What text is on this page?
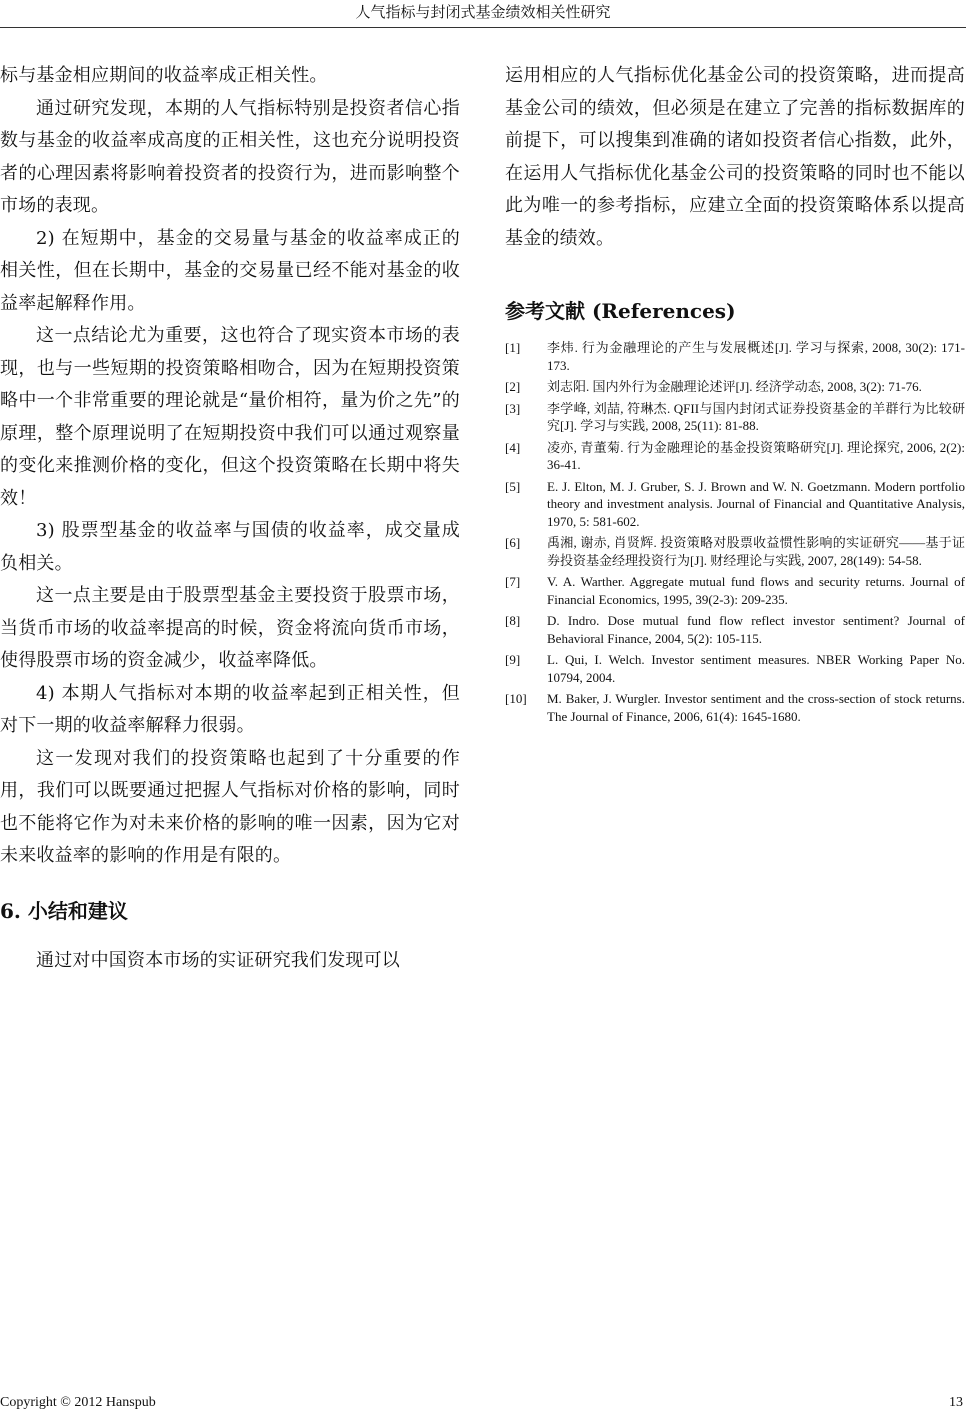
人气指标与封闭式基金绩效相关性研究

标与基金相应期间的收益率成正相关性。

通过研究发现，本期的人气指标特别是投资者信心指数与基金的收益率成高度的正相关性，这也充分说明投资者的心理因素将影响着投资者的投资行为，进而影响整个市场的表现。

2) 在短期中，基金的交易量与基金的收益率成正的相关性，但在长期中，基金的交易量已经不能对基金的收益率起解释作用。

这一点结论尤为重要，这也符合了现实资本市场的表现，也与一些短期的投资策略相吻合，因为在短期投资策略中一个非常重要的理论就是“量价相符，量为价之先”的原理，整个原理说明了在短期投资中我们可以通过观察量的变化来推测价格的变化，但这个投资策略在长期中将失效！

3) 股票型基金的收益率与国债的收益率，成交量成负相关。

这一点主要是由于股票型基金主要投资于股票市场，当货币市场的收益率提高的时候，资金将流向货币市场，使得股票市场的资金减少，收益率降低。

4) 本期人气指标对本期的收益率起到正相关性，但对下一期的收益率解释力很弱。

这一发现对我们的投资策略也起到了十分重要的作用，我们可以既要通过把握人气指标对价格的影响，同时也不能将它作为对未来价格的影响的唯一因素，因为它对未来收益率的影响的作用是有限的。

6. 小结和建议

通过对中国资本市场的实证研究我们发现可以

运用相应的人气指标优化基金公司的投资策略，进而提高基金公司的绩效，但必须是在建立了完善的指标数据库的前提下，可以搜集到准确的诸如投资者信心指数，此外，在运用人气指标优化基金公司的投资策略的同时也不能以此为唯一的参考指标，应建立全面的投资策略体系以提高基金的绩效。

参考文献 (References)
[1] 李炜. 行为金融理论的产生与发展概述[J]. 学习与探索, 2008, 30(2): 171-173.
[2] 刘志阳. 国内外行为金融理论述评[J]. 经济学动态, 2008, 3(2): 71-76.
[3] 李学峰, 刘喆, 符琳杰. QFII与国内封闭式证券投资基金的羊群行为比较研究[J]. 学习与实践, 2008, 25(11): 81-88.
[4] 凌亦, 青董菊. 行为金融理论的基金投资策略研究[J]. 理论探究, 2006, 2(2): 36-41.
[5] E. J. Elton, M. J. Gruber, S. J. Brown and W. N. Goetzmann. Modern portfolio theory and investment analysis. Journal of Financial and Quantitative Analysis, 1970, 5: 581-602.
[6] 禹湘, 谢赤, 肖贤辉. 投资策略对股票收益惯性影响的实证研究——基于证券投资基金经理投资行为[J]. 财经理论与实践, 2007, 28(149): 54-58.
[7] V. A. Warther. Aggregate mutual fund flows and security returns. Journal of Financial Economics, 1995, 39(2-3): 209-235.
[8] D. Indro. Dose mutual fund flow reflect investor sentiment? Journal of Behavioral Finance, 2004, 5(2): 105-115.
[9] L. Qui, I. Welch. Investor sentiment measures. NBER Working Paper No. 10794, 2004.
[10] M. Baker, J. Wurgler. Investor sentiment and the cross-section of stock returns. The Journal of Finance, 2006, 61(4): 1645-1680.
Copyright © 2012 Hanspub	13
